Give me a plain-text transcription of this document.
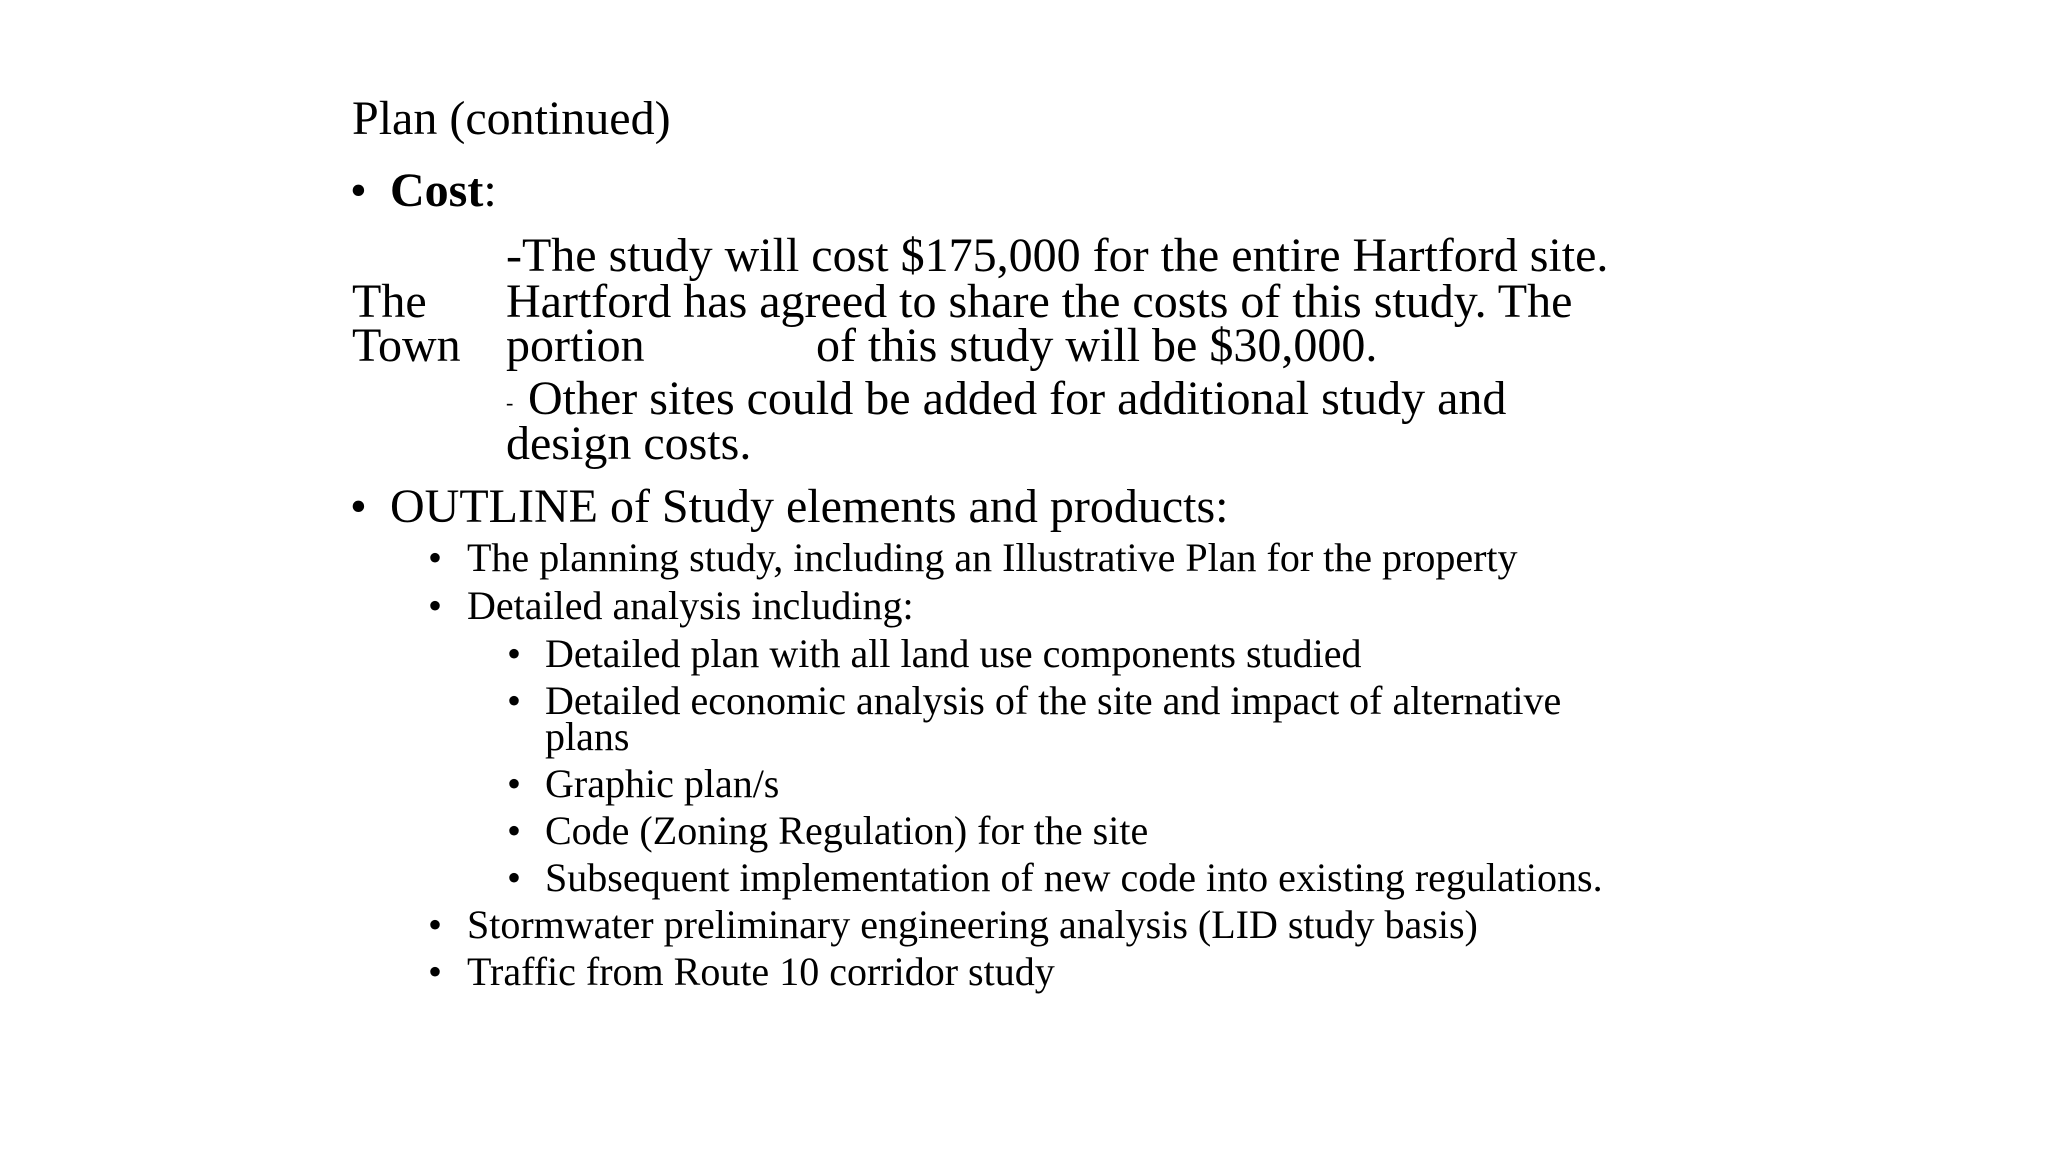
Plan (continued)
• Cost:
-The study will cost $175,000 for the entire Hartford site.
The Hartford has agreed to share the costs of this study. The
Town portion	of this study will be $30,000.
- Other sites could be added for additional study and
design costs.
• OUTLINE of Study elements and products:
• The planning study, including an Illustrative Plan for the property
• Detailed analysis including:
• Detailed plan with all land use components studied
• Detailed economic analysis of the site and impact of alternative
plans
• Graphic plan/s
• Code (Zoning Regulation) for the site
• Subsequent implementation of new code into existing regulations.
• Stormwater preliminary engineering analysis (LID study basis)
• Traffic from Route 10 corridor study
